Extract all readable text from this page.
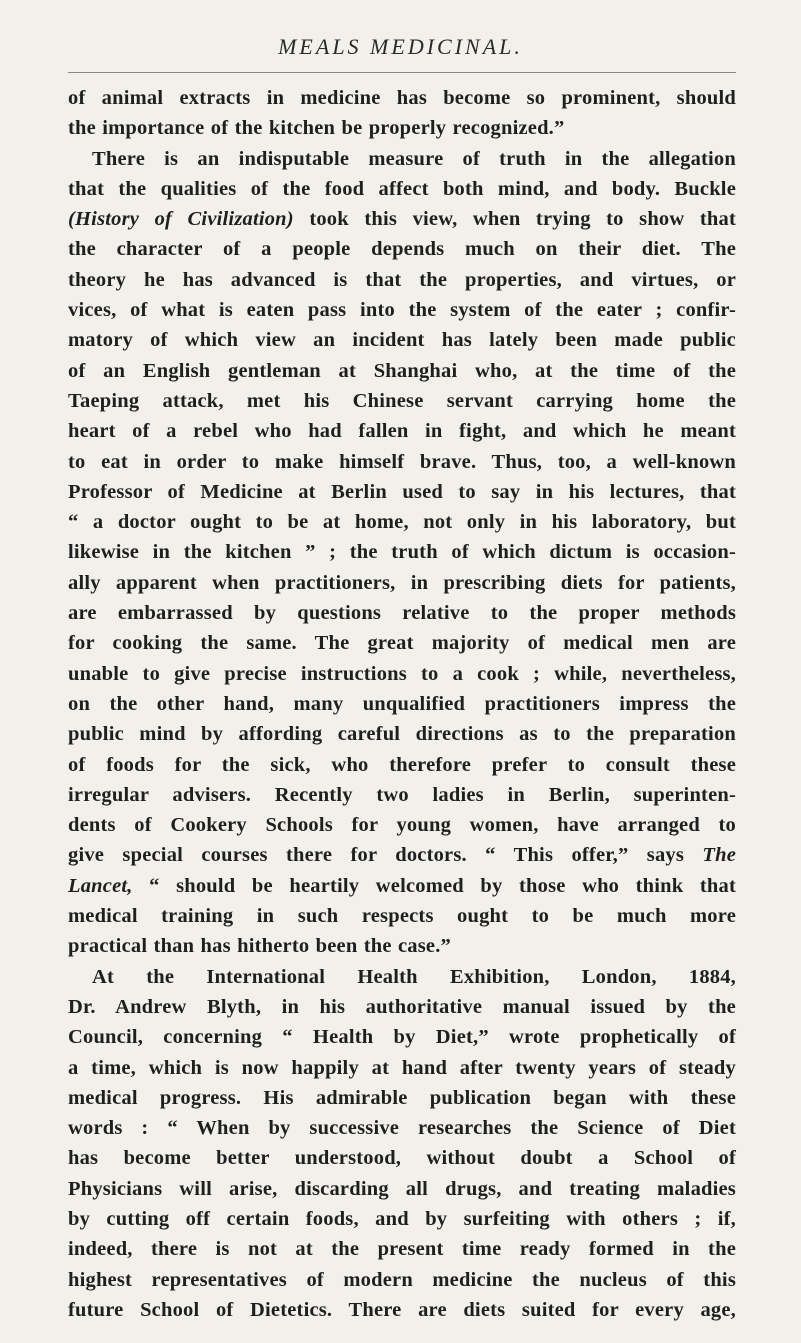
MEALS MEDICINAL.
of animal extracts in medicine has become so prominent, should
the importance of the kitchen be properly recognized.”
There is an indisputable measure of truth in the allegation
that the qualities of the food affect both mind, and body. Buckle
(History of Civilization) took this view, when trying to show that
the character of a people depends much on their diet. The
theory he has advanced is that the properties, and virtues, or
vices, of what is eaten pass into the system of the eater ; confir-
matory of which view an incident has lately been made public
of an English gentleman at Shanghai who, at the time of the
Taeping attack, met his Chinese servant carrying home the
heart of a rebel who had fallen in fight, and which he meant
to eat in order to make himself brave. Thus, too, a well-known
Professor of Medicine at Berlin used to say in his lectures, that
“ a doctor ought to be at home, not only in his laboratory, but
likewise in the kitchen ” ; the truth of which dictum is occasion-
ally apparent when practitioners, in prescribing diets for patients,
are embarrassed by questions relative to the proper methods
for cooking the same. The great majority of medical men are
unable to give precise instructions to a cook ; while, nevertheless,
on the other hand, many unqualified practitioners impress the
public mind by affording careful directions as to the preparation
of foods for the sick, who therefore prefer to consult these
irregular advisers. Recently two ladies in Berlin, superinten-
dents of Cookery Schools for young women, have arranged to
give special courses there for doctors. “ This offer,” says The
Lancet, “ should be heartily welcomed by those who think that
medical training in such respects ought to be much more
practical than has hitherto been the case.”
At the International Health Exhibition, London, 1884,
Dr. Andrew Blyth, in his authoritative manual issued by the
Council, concerning “ Health by Diet,” wrote prophetically of
a time, which is now happily at hand after twenty years of steady
medical progress. His admirable publication began with these
words : “ When by successive researches the Science of Diet
has become better understood, without doubt a School of
Physicians will arise, discarding all drugs, and treating maladies
by cutting off certain foods, and by surfeiting with others ; if,
indeed, there is not at the present time ready formed in the
highest representatives of modern medicine the nucleus of this
future School of Dietetics. There are diets suited for every age,
